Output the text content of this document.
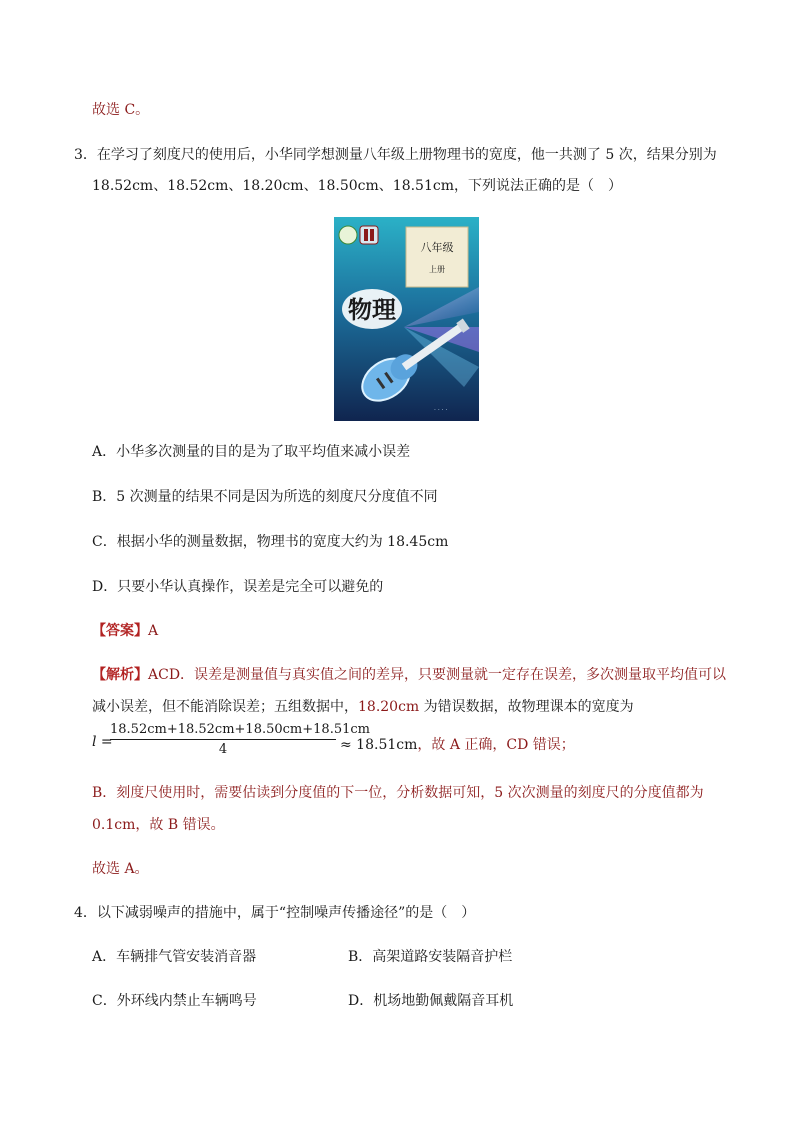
故选 C。
3．在学习了刻度尺的使用后，小华同学想测量八年级上册物理书的宽度，他一共测了 5 次，结果分别为
18.52cm、18.52cm、18.20cm、18.50cm、18.51cm，下列说法正确的是（　）
八年级
上册
物理
· · · ·
A．小华多次测量的目的是为了取平均值来减小误差
B．5 次测量的结果不同是因为所选的刻度尺分度值不同
C．根据小华的测量数据，物理书的宽度大约为 18.45cm
D．只要小华认真操作，误差是完全可以避免的
【答案】A
【解析】ACD．误差是测量值与真实值之间的差异，只要测量就一定存在误差，多次测量取平均值可以
减小误差，但不能消除误差；五组数据中，18.20cm 为错误数据，故物理课本的宽度为
l =
$\frac{18.52cm+18.52cm+18.50cm+18.51cm}{4} \approx 18.51cm$，故 A 正确，CD 错误；
B．刻度尺使用时，需要估读到分度值的下一位，分析数据可知，5 次次测量的刻度尺的分度值都为
0.1cm，故 B 错误。
故选 A。
4．以下减弱噪声的措施中，属于“控制噪声传播途径”的是（　）
A．车辆排气管安装消音器	B．高架道路安装隔音护栏
C．外环线内禁止车辆鸣号	D．机场地勤佩戴隔音耳机
